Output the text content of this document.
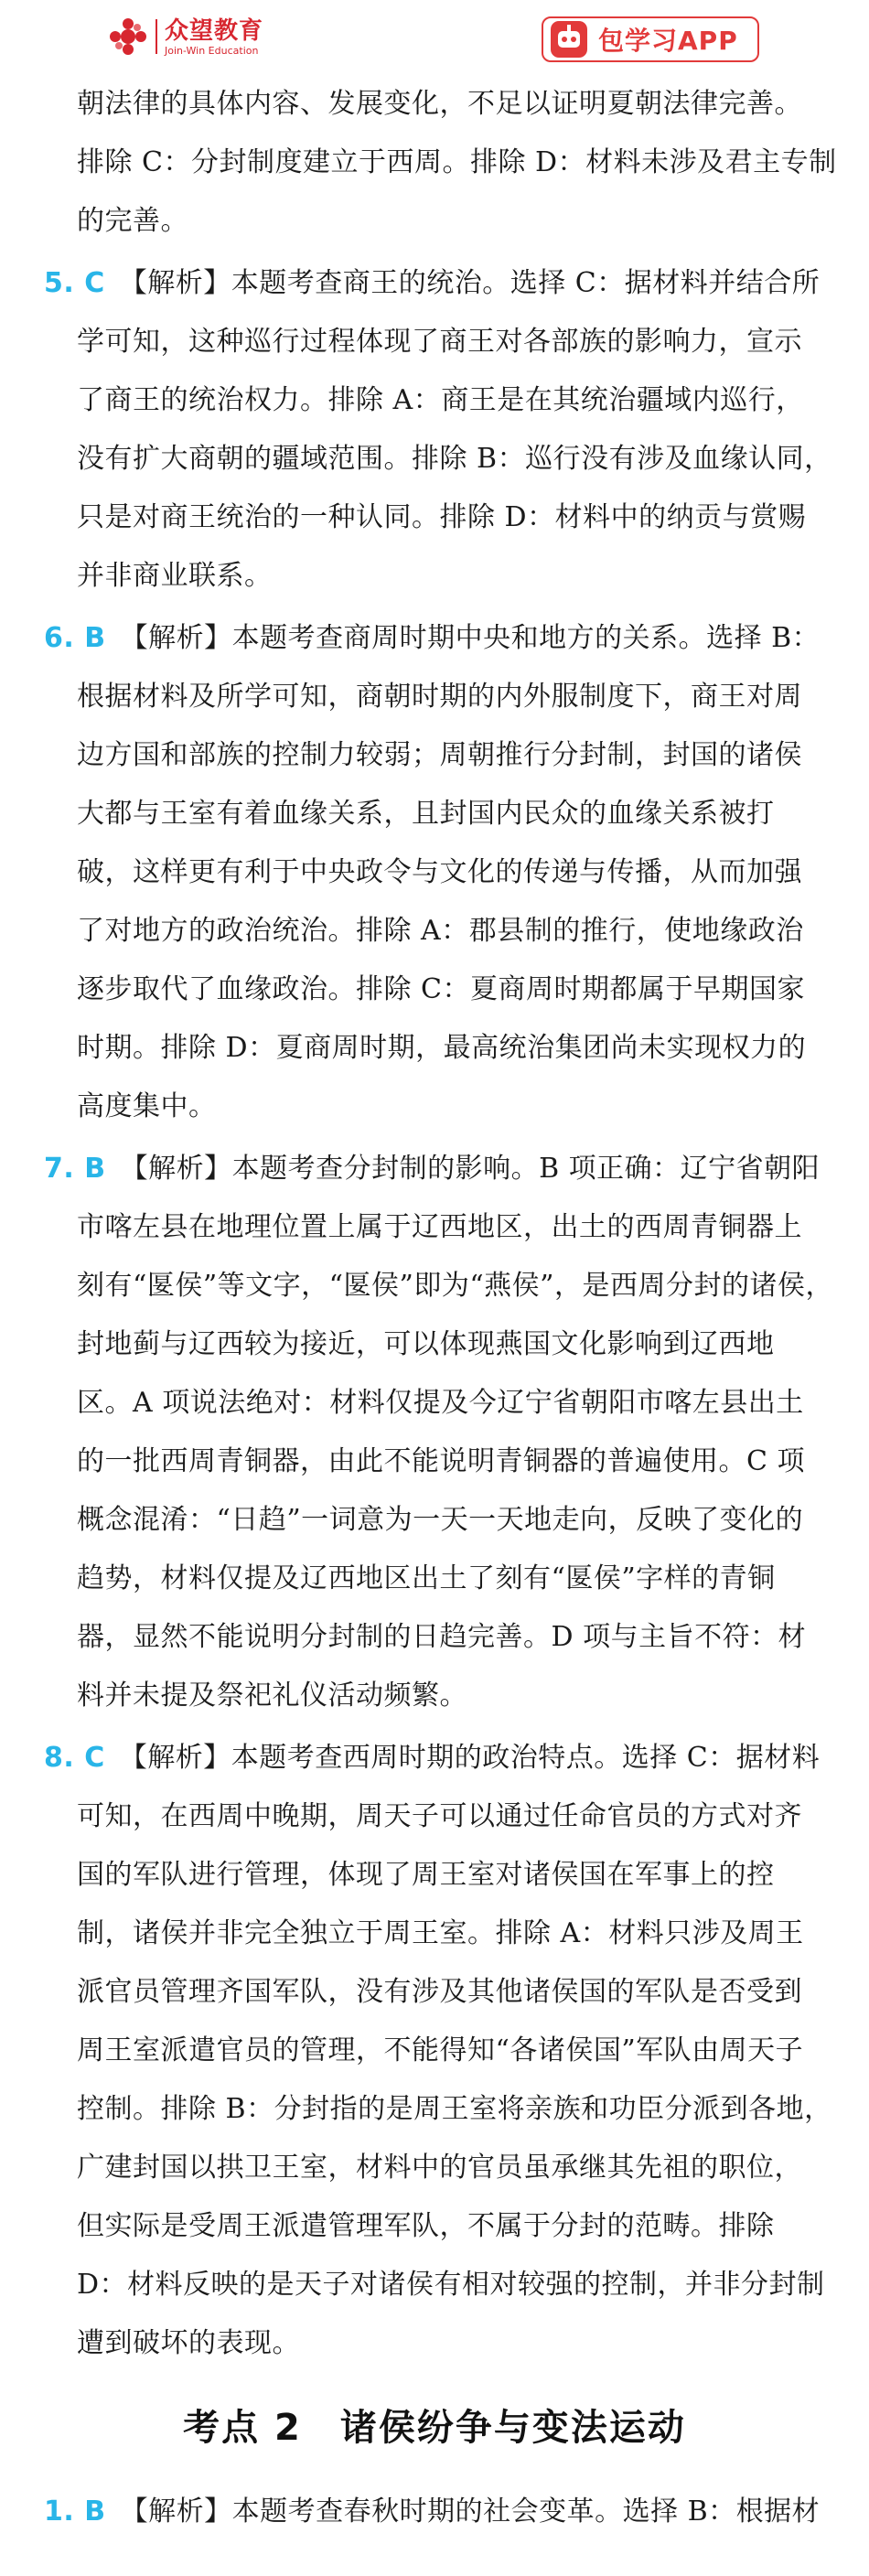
众望教育
Join-Win Education	包学习APP
朝法律的具体内容、发展变化，不足以证明夏朝法律完善。
排除 C：分封制度建立于西周。排除 D：材料未涉及君主专制
的完善。
5. C 【解析】本题考查商王的统治。选择 C：据材料并结合所
学可知，这种巡行过程体现了商王对各部族的影响力，宣示
了商王的统治权力。排除 A：商王是在其统治疆域内巡行，
没有扩大商朝的疆域范围。排除 B：巡行没有涉及血缘认同，
只是对商王统治的一种认同。排除 D：材料中的纳贡与赏赐
并非商业联系。
6. B 【解析】本题考查商周时期中央和地方的关系。选择 B：
根据材料及所学可知，商朝时期的内外服制度下，商王对周
边方国和部族的控制力较弱；周朝推行分封制，封国的诸侯
大都与王室有着血缘关系，且封国内民众的血缘关系被打
破，这样更有利于中央政令与文化的传递与传播，从而加强
了对地方的政治统治。排除 A：郡县制的推行，使地缘政治
逐步取代了血缘政治。排除 C：夏商周时期都属于早期国家
时期。排除 D：夏商周时期，最高统治集团尚未实现权力的
高度集中。
7. B 【解析】本题考查分封制的影响。B 项正确：辽宁省朝阳
市喀左县在地理位置上属于辽西地区，出土的西周青铜器上
刻有“匽侯”等文字，“匽侯”即为“燕侯”，是西周分封的诸侯，
封地蓟与辽西较为接近，可以体现燕国文化影响到辽西地
区。A 项说法绝对：材料仅提及今辽宁省朝阳市喀左县出土
的一批西周青铜器，由此不能说明青铜器的普遍使用。C 项
概念混淆：“日趋”一词意为一天一天地走向，反映了变化的
趋势，材料仅提及辽西地区出土了刻有“匽侯”字样的青铜
器，显然不能说明分封制的日趋完善。D 项与主旨不符：材
料并未提及祭祀礼仪活动频繁。
8. C 【解析】本题考查西周时期的政治特点。选择 C：据材料
可知，在西周中晚期，周天子可以通过任命官员的方式对齐
国的军队进行管理，体现了周王室对诸侯国在军事上的控
制，诸侯并非完全独立于周王室。排除 A：材料只涉及周王
派官员管理齐国军队，没有涉及其他诸侯国的军队是否受到
周王室派遣官员的管理，不能得知“各诸侯国”军队由周天子
控制。排除 B：分封指的是周王室将亲族和功臣分派到各地，
广建封国以拱卫王室，材料中的官员虽承继其先祖的职位，
但实际是受周王派遣管理军队，不属于分封的范畴。排除
D：材料反映的是天子对诸侯有相对较强的控制，并非分封制
遭到破坏的表现。
考点 2　诸侯纷争与变法运动
1. B 【解析】本题考查春秋时期的社会变革。选择 B：根据材
